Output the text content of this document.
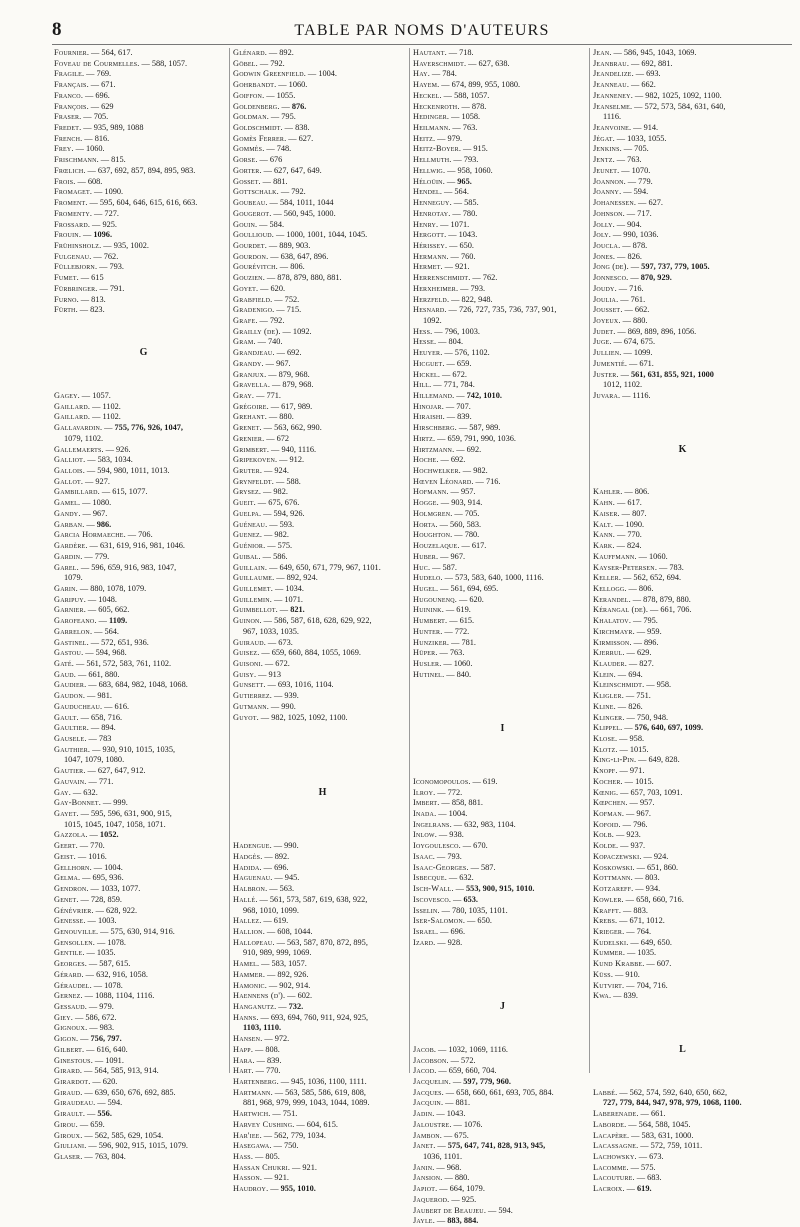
8	TABLE PAR NOMS D'AUTEURS
Fournier. — 564, 617.
Foveau de Courmelles. — 588, 1057.
Fragile. — 769.
Français. — 671.
Franco. — 696.
François. — 629
Fraser. — 705.
Fredet. — 935, 989, 1088
French. — 816.
Frey. — 1060.
Frischmann. — 815.
Frœlich. — 637, 692, 857, 894, 895, 983.
Frois. — 608.
Fromaget. — 1090.
Froment. — 595, 604, 646, 615, 616, 663.
Fromenty. — 727.
Frossard. — 925.
Frouin. — 1096.
Frühinsholz. — 935, 1002.
Fulgenau. — 762.
Füllebjorn. — 793.
Fumet. — 615
Fürbringer. — 791.
Furno. — 813.
Fürth. — 823.
G
Gagey. — 1057.
Gaillard. — 1102.
Gaillard. — 1102.
Gallavardin. — 755, 776, 926, 1047,
1079, 1102.
Gallemaerts. — 926.
Galliot. — 583, 1034.
Gallois. — 594, 980, 1011, 1013.
Gallot. — 927.
Gambillard. — 615, 1077.
Gamel. — 1080.
Gandy. — 967.
Garban. — 986.
Garcia Hormaeche. — 706.
Gardère. — 631, 619, 916, 981, 1046.
Gardin. — 779.
Garel. — 596, 659, 916, 983, 1047,
1079.
Garin. — 880, 1078, 1079.
Garipuy. — 1048.
Garnier. — 605, 662.
Garofeano. — 1109.
Garrelon. — 564.
Gastinel. — 572, 651, 936.
Gastou. — 594, 968.
Gaté. — 561, 572, 583, 761, 1102.
Gaud. — 661, 880.
Gaudier. — 683, 684, 982, 1048, 1068.
Gaudon. — 981.
Gauducheau. — 616.
Gault. — 658, 716.
Gaultier. — 894.
Gausele. — 783
Gauthier. — 930, 910, 1015, 1035,
1047, 1079, 1080.
Gautier. — 627, 647, 912.
Gauvain. — 771.
Gay. — 632.
Gay-Bonnet. — 999.
Gayet. — 595, 596, 631, 900, 915,
1015, 1045, 1047, 1058, 1071.
Gazzola. — 1052.
Geert. — 770.
Geist. — 1016.
Gellhorn. — 1004.
Gelma. — 695, 936.
Gendron. — 1033, 1077.
Genet. — 728, 859.
Génévrier. — 628, 922.
Genesse. — 1003.
Genouville. — 575, 630, 914, 916.
Gensollen. — 1078.
Gentile. — 1035.
Georges. — 587, 615.
Gérard. — 632, 916, 1058.
Géraudel. — 1078.
Gernez. — 1088, 1104, 1116.
Gessaud. — 979.
Giey. — 586, 672.
Gignoux. — 983.
Gigon. — 756, 797.
Gilbert. — 616, 640.
Ginestous. — 1091.
Girard. — 564, 585, 913, 914.
Girardot. — 620.
Giraud. — 639, 650, 676, 692, 885.
Giraudeau. — 594.
Girault. — 556.
Girou. — 659.
Giroux. — 562, 585, 629, 1054.
Giuliani. — 596, 902, 915, 1015, 1079.
Glaser. — 763, 804.
Glénard. — 892.
Göbel. — 792.
Godwin Greenfield. — 1004.
Gohrbandt. — 1060.
Goiffon. — 1055.
Goldenberg. — 876.
Goldman. — 795.
Goldschmidt. — 838.
Gomès Ferrer. — 627.
Gommès. — 748.
Gorse. — 676
Gorter. — 627, 647, 649.
Gosset. — 881.
Gottschalk. — 792.
Goubeau. — 584, 1011, 1044
Gougerot. — 560, 945, 1000.
Gouin. — 584.
Goullioud. — 1000, 1001, 1044, 1045.
Gourdet. — 889, 903.
Gourdon. — 638, 647, 896.
Gourévitch. — 806.
Gouzien. — 878, 879, 880, 881.
Goyet. — 620.
Grabfield. — 752.
Gradenigo. — 715.
Grafe. — 792.
Grailly (de). — 1092.
Gram. — 740.
Grandjeau. — 692.
Grandy. — 967.
Granjux. — 879, 968.
Gravella. — 879, 968.
Gray. — 771.
Grégoire. — 617, 989.
Grehant. — 880.
Grenet. — 563, 662, 990.
Grenier. — 672
Grimbert. — 940, 1116.
Gripekoven. — 912.
Gruter. — 924.
Grynfeldt. — 588.
Grysez. — 982.
Gueit. — 675, 676.
Guelpa. — 594, 926.
Guéneau. — 593.
Guenez. — 982.
Guénior. — 575.
Guibal. — 586.
Guillain. — 649, 650, 671, 779, 967, 1101.
Guillaume. — 892, 924.
Guillemet. — 1034.
Guillemin. — 1071.
Guimbellot. — 821.
Guinon. — 586, 587, 618, 628, 629, 922,
967, 1033, 1035.
Guiraud. — 673.
Guisez. — 659, 660, 884, 1055, 1069.
Guisoni. — 672.
Guisy. — 913
Gunsett. — 693, 1016, 1104.
Gutierrez. — 939.
Gutmann. — 990.
Guyot. — 982, 1025, 1092, 1100.
H
Hadengue. — 990.
Hadgès. — 892.
Hadida. — 696.
Haguenau. — 945.
Halbron. — 563.
Hallé. — 561, 573, 587, 619, 638, 922,
968, 1010, 1099.
Hallez. — 619.
Hallion. — 608, 1044.
Hallopeau. — 563, 587, 870, 872, 895,
910, 989, 999, 1069.
Hamel. — 583, 1057.
Hammer. — 892, 926.
Hamonic. — 902, 914.
Haennens (d'). — 602.
Hanganutz. — 732.
Hanns. — 693, 694, 760, 911, 924, 925,
1103, 1110.
Hansen. — 972.
Happ. — 808.
Hara. — 839.
Hart. — 770.
Hartenberg. — 945, 1036, 1100, 1111.
Hartmann. — 563, 585, 586, 619, 808,
881, 968, 979, 999, 1043, 1044, 1089.
Hartwich. — 751.
Harvey Cushing. — 604, 615.
Har'iee. — 562, 779, 1034.
Hasegawa. — 750.
Hass. — 805.
Hassan Chukri. — 921.
Hasson. — 921.
Haudroy. — 955, 1010.
Hautant. — 718.
Haverschmidt. — 627, 638.
Hay. — 784.
Hayem. — 674, 899, 955, 1080.
Heckel. — 588, 1057.
Heckenroth. — 878.
Hedinger. — 1058.
Heilmann. — 763.
Heitz. — 979.
Heitz-Boyer. — 915.
Hellmuth. — 793.
Hellwig. — 958, 1060.
Héloüin. — 965.
Hendel. — 564.
Henneguy. — 585.
Henrotay. — 780.
Henry. — 1071.
Hergott. — 1043.
Hérissey. — 650.
Hermann. — 760.
Hermet. — 921.
Herrenschmidt. — 762.
Herxheimer. — 793.
Herzfeld. — 822, 948.
Hesnard. — 726, 727, 735, 736, 737, 901,
1092.
Hess. — 796, 1003.
Hesse. — 804.
Heuyer. — 576, 1102.
Hicguet. — 659.
Hickel. — 672.
Hill. — 771, 784.
Hillemand. — 742, 1010.
Hinojar. — 707.
Hiraishi. — 839.
Hirschberg. — 587, 989.
Hirtz. — 659, 791, 990, 1036.
Hirtzmann. — 692.
Hoche. — 692.
Hochwelker. — 982.
Hœven Léonard. — 716.
Hofmann. — 957.
Hogge. — 903, 914.
Holmgren. — 705.
Horta. — 560, 583.
Houghton. — 780.
Houzelaque. — 617.
Huber. — 967.
Huc. — 587.
Hudelo. — 573, 583, 640, 1000, 1116.
Hugel. — 561, 694, 695.
Hugounenq. — 620.
Huinink. — 619.
Humbert. — 615.
Hunter. — 772.
Hunziker. — 781.
Hüper. — 763.
Husler. — 1060.
Hutinel. — 840.
I
Iconomopoulos. — 619.
Ilroy. — 772.
Imbert. — 858, 881.
Inada. — 1004.
Ingelrans. — 632, 983, 1104.
Inlow. — 938.
Ioygoulesco. — 670.
Isaac. — 793.
Isaac-Georges. — 587.
Isbecque. — 632.
Isch-Wall. — 553, 900, 915, 1010.
Iscovesco. — 653.
Isselin. — 780, 1035, 1101.
Iser-Salomon. — 650.
Israel. — 696.
Izard. — 928.
J
Jacob. — 1032, 1069, 1116.
Jacobson. — 572.
Jacod. — 659, 660, 704.
Jacquelin. — 597, 779, 960.
Jacques. — 658, 660, 661, 693, 705, 884.
Jacquin. — 881.
Jadin. — 1043.
Jaloustre. — 1076.
Jambon. — 675.
Janet. — 575, 647, 741, 828, 913, 945,
1036, 1101.
Janin. — 968.
Jansion. — 880.
Japiot. — 664, 1079.
Jaquerod. — 925.
Jaubert de Beaujeu. — 594.
Jayle. — 883, 884.
Jean. — 586, 945, 1043, 1069.
Jeanbrau. — 692, 881.
Jeandelize. — 693.
Jeanneau. — 662.
Jeanneney. — 982, 1025, 1092, 1100.
Jeanselme. — 572, 573, 584, 631, 640,
1116.
Jeanvoine. — 914.
Jégat. — 1033, 1055.
Jenkins. — 705.
Jentz. — 763.
Jeunet. — 1070.
Joannon. — 779.
Joanny. — 594.
Johanessen. — 627.
Johnson. — 717.
Jolly. — 904.
Joly. — 990, 1036.
Joucla. — 878.
Jones. — 826.
Jong (de). — 597, 737, 779, 1005.
Jonnesco. — 870, 929.
Joudy. — 716.
Joulia. — 761.
Jousset. — 662.
Joyeux. — 880.
Judet. — 869, 889, 896, 1056.
Juge. — 674, 675.
Jullien. — 1099.
Jumentié. — 671.
Juster. — 561, 631, 855, 921, 1000
1012, 1102.
Juvara. — 1116.
K
Kahler. — 806.
Kahn. — 617.
Kaiser. — 807.
Kalt. — 1090.
Kann. — 770.
Kark. — 824.
Kauffmann. — 1060.
Kayser-Petersen. — 783.
Keller. — 562, 652, 694.
Kellogg. — 806.
Kerandel. — 878, 879, 880.
Kérangal (de). — 661, 706.
Khalatov. — 795.
Kirchmayr. — 959.
Kirmisson. — 896.
Kjerrul. — 629.
Klauder. — 827.
Klein. — 694.
Kleinschmidt. — 958.
Kligler. — 751.
Kline. — 826.
Klinger. — 750, 948.
Klippel. — 576, 640, 697, 1099.
Klose. — 958.
Klotz. — 1015.
King-li-Pin. — 649, 828.
Knopf. — 971.
Kocher. — 1015.
Kœnig. — 657, 703, 1091.
Kœpchen. — 957.
Kofman. — 967.
Kofoid. — 796.
Kolb. — 923.
Kolde. — 937.
Kopaczewski. — 924.
Koskowski. — 651, 860.
Kottmann. — 803.
Kotzareff. — 934.
Kowler. — 658, 660, 716.
Krafft. — 883.
Krebs. — 671, 1012.
Krieger. — 764.
Kudelski. — 649, 650.
Kummer. — 1035.
Kund Krabbe. — 607.
Küss. — 910.
Kutvirt. — 704, 716.
Kwa. — 839.
L
Labbé. — 562, 574, 592, 640, 650, 662,
727, 779, 844, 947, 978, 979, 1068, 1100.
Laberenade. — 661.
Laborde. — 564, 588, 1045.
Lacapère. — 583, 631, 1000.
Lacassagne. — 572, 759, 1011.
Lachowsky. — 673.
Lacomme. — 575.
Lacouture. — 683.
Lacroix. — 619.
